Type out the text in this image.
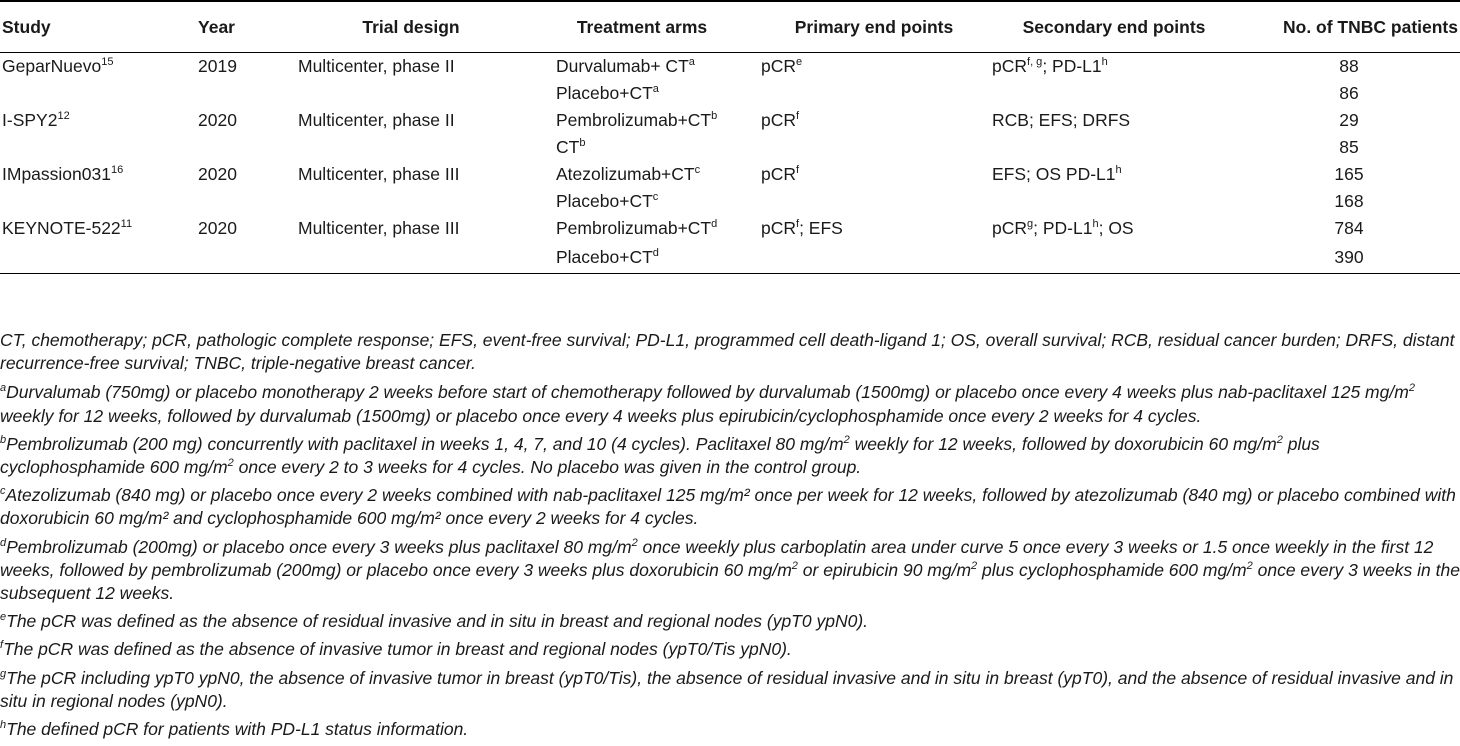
Study	Year	Trial design	Treatment arms	Primary end points	Secondary end points	No. of TNBC patients
GeparNuevo$^{15}$	2019	Multicenter, phase II	Durvalumab+ $CT^a$	pCR$^e$	pCR$^{f, g}$; PD-L1$^h$	88
			$Placebo+CT^a$			86
$I-SPY2^{12}$	2020	Multicenter, phase II	$Pembrolizumab+CT^b$	pCR$^f$	RCB; EFS; DRFS	29
			$CT^b$			85
$IMpassion031^{16}$	2020	Multicenter, phase III	$Atezolizumab+CT^c$	pCR$^f$	EFS; OS PD-L1$^h$	165
			$Placebo+CT^c$			168
KEYNOTE-$522^{11}$	2020	Multicenter, phase III	$Pembrolizumab+CT^d$	pCR$^f$; EFS	pCR$^g$; PD-L1$^h$; OS	784
			$Placebo+CT^d$			390

CT, chemotherapy; pCR, pathologic complete response; EFS, event-free survival; PD-L1, programmed cell death-ligand 1; OS, overall survival; RCB, residual cancer burden; DRFS, distant recurrence-free survival; TNBC, triple-negative breast cancer.

$^a$Durvalumab (750mg) or placebo monotherapy 2 weeks before start of chemotherapy followed by durvalumab (1500mg) or placebo once every 4 weeks plus nab-paclitaxel 125 $mg/m^2$ weekly for 12 weeks, followed by durvalumab (1500mg) or placebo once every 4 weeks plus epirubicin/cyclophosphamide once every 2 weeks for 4 cycles.

$^b$Pembrolizumab (200 mg) concurrently with paclitaxel in weeks 1, 4, 7, and 10 (4 cycles). Paclitaxel 80 $mg/m^2$ weekly for 12 weeks, followed by doxorubicin 60 $mg/m^2$ plus cyclophosphamide 600 $mg/m^2$ once every 2 to 3 weeks for 4 cycles. No placebo was given in the control group.

$^c$Atezolizumab (840 mg) or placebo once every 2 weeks combined with nab-paclitaxel 125 mg/m² once per week for 12 weeks, followed by atezolizumab (840 mg) or placebo combined with doxorubicin 60 mg/m² and cyclophosphamide 600 mg/m² once every 2 weeks for 4 cycles.

$^d$Pembrolizumab (200mg) or placebo once every 3 weeks plus paclitaxel 80 $mg/m^2$ once weekly plus carboplatin area under curve 5 once every 3 weeks or 1.5 once weekly in the first 12 weeks, followed by pembrolizumab (200mg) or placebo once every 3 weeks plus doxorubicin 60 $mg/m^2$ or epirubicin 90 $mg/m^2$ plus cyclophosphamide 600 $mg/m^2$ once every 3 weeks in the subsequent 12 weeks.

$^e$The pCR was defined as the absence of residual invasive and in situ in breast and regional nodes (ypT0 ypN0).

$^f$The pCR was defined as the absence of invasive tumor in breast and regional nodes (ypT0/Tis ypN0).

$^g$The pCR including ypT0 ypN0, the absence of invasive tumor in breast (ypT0/Tis), the absence of residual invasive and in situ in breast (ypT0), and the absence of residual invasive and in situ in regional nodes (ypN0).

$^h$The defined pCR for patients with PD-L1 status information.
